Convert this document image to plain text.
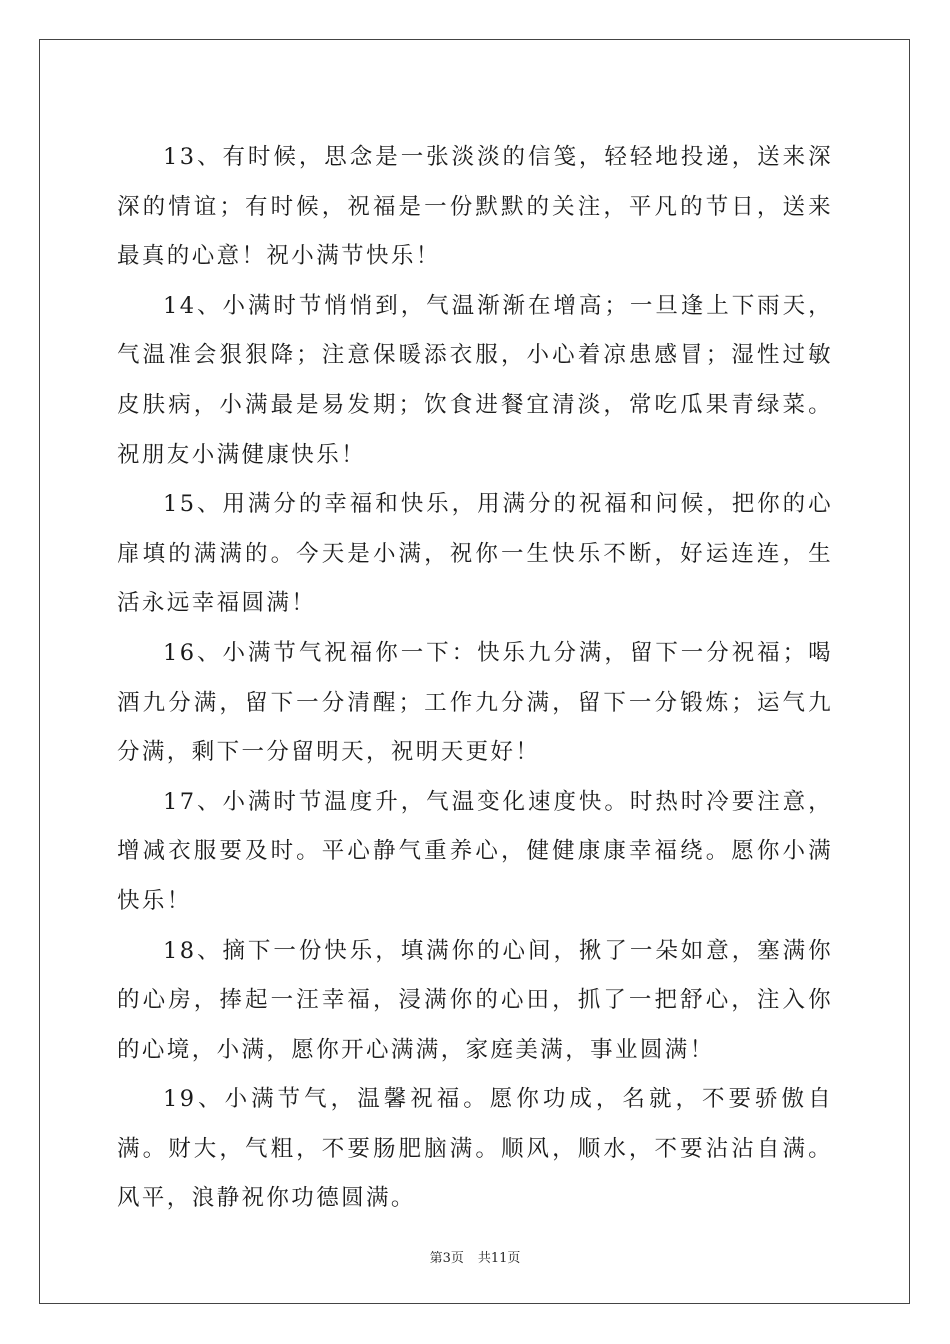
13、有时候，思念是一张淡淡的信笺，轻轻地投递，送来深深的情谊；有时候，祝福是一份默默的关注，平凡的节日，送来最真的心意！祝小满节快乐！

14、小满时节悄悄到，气温渐渐在增高；一旦逢上下雨天，气温准会狠狠降；注意保暖添衣服，小心着凉患感冒；湿性过敏皮肤病，小满最是易发期；饮食进餐宜清淡，常吃瓜果青绿菜。祝朋友小满健康快乐！

15、用满分的幸福和快乐，用满分的祝福和问候，把你的心扉填的满满的。今天是小满，祝你一生快乐不断，好运连连，生活永远幸福圆满！

16、小满节气祝福你一下：快乐九分满，留下一分祝福；喝酒九分满，留下一分清醒；工作九分满，留下一分锻炼；运气九分满，剩下一分留明天，祝明天更好！

17、小满时节温度升，气温变化速度快。时热时冷要注意，增减衣服要及时。平心静气重养心，健健康康幸福绕。愿你小满快乐！

18、摘下一份快乐，填满你的心间，揪了一朵如意，塞满你的心房，捧起一汪幸福，浸满你的心田，抓了一把舒心，注入你的心境，小满，愿你开心满满，家庭美满，事业圆满！

19、小满节气，温馨祝福。愿你功成，名就，不要骄傲自满。财大，气粗，不要肠肥脑满。顺风，顺水，不要沾沾自满。风平，浪静祝你功德圆满。

第3页 共11页
